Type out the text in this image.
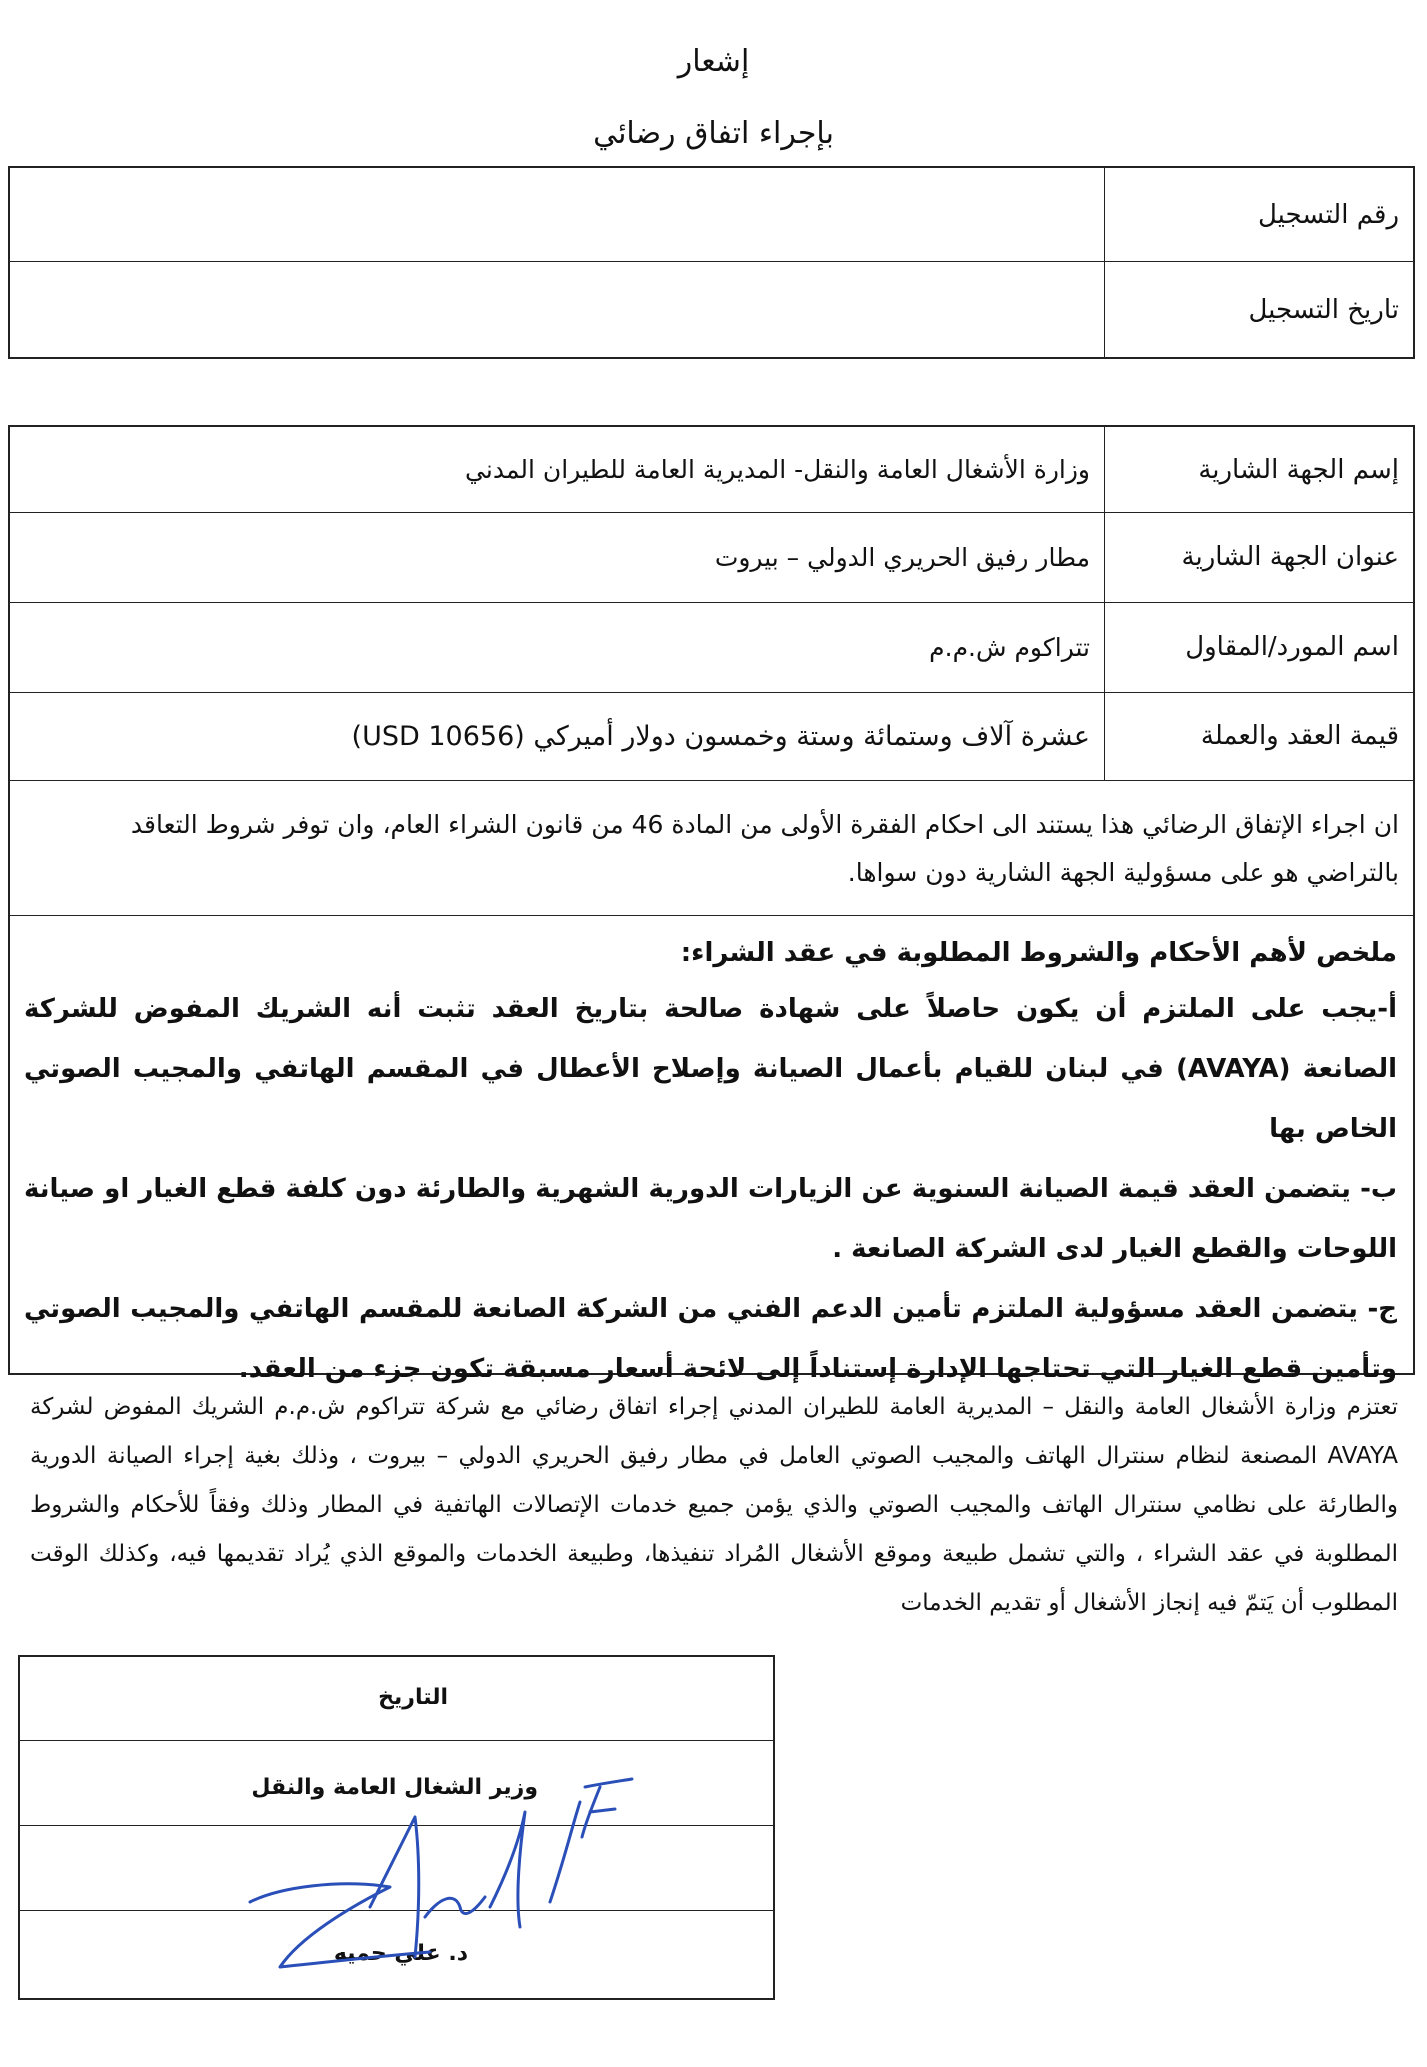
إشعار
بإجراء اتفاق رضائي
رقم التسجيل
تاريخ التسجيل
إسم الجهة الشارية
وزارة الأشغال العامة والنقل- المديرية العامة للطيران المدني
عنوان الجهة الشارية
مطار رفيق الحريري الدولي – بيروت
اسم المورد/المقاول
تتراكوم ش.م.م
قيمة العقد والعملة
عشرة آلاف وستمائة وستة وخمسون دولار أميركي (USD 10656)
ان اجراء الإتفاق الرضائي هذا يستند الى احكام الفقرة الأولى من المادة 46 من قانون الشراء العام، وان توفر شروط التعاقد
بالتراضي هو على مسؤولية الجهة الشارية دون سواها.
ملخص لأهم الأحكام والشروط المطلوبة في عقد الشراء:
أ-يجب على الملتزم أن يكون حاصلاً على شهادة صالحة بتاريخ العقد تثبت أنه الشريك المفوض للشركة الصانعة (AVAYA) في لبنان للقيام بأعمال الصيانة وإصلاح الأعطال في المقسم الهاتفي والمجيب الصوتي الخاص بها
ب- يتضمن العقد قيمة الصيانة السنوية عن الزيارات الدورية الشهرية والطارئة دون كلفة قطع الغيار او صيانة اللوحات والقطع الغيار لدى الشركة الصانعة .
ج- يتضمن العقد مسؤولية الملتزم تأمين الدعم الفني من الشركة الصانعة للمقسم الهاتفي والمجيب الصوتي وتأمين قطع الغيار التي تحتاجها الإدارة إستناداً إلى لائحة أسعار مسبقة تكون جزء من العقد.
تعتزم وزارة الأشغال العامة والنقل – المديرية العامة للطيران المدني إجراء اتفاق رضائي مع شركة تتراكوم ش.م.م الشريك المفوض لشركة AVAYA المصنعة لنظام سنترال الهاتف والمجيب الصوتي العامل في مطار رفيق الحريري الدولي – بيروت ، وذلك بغية إجراء الصيانة الدورية والطارئة على نظامي سنترال الهاتف والمجيب الصوتي والذي يؤمن جميع خدمات الإتصالات الهاتفية في المطار وذلك وفقاً للأحكام والشروط المطلوبة في عقد الشراء ، والتي تشمل طبيعة وموقع الأشغال المُراد تنفيذها، وطبيعة الخدمات والموقع الذي يُراد تقديمها فيه، وكذلك الوقت المطلوب أن يَتمّ فيه إنجاز الأشغال أو تقديم الخدمات
التاريخ
وزير الشغال العامة والنقل
د. علي حميه
